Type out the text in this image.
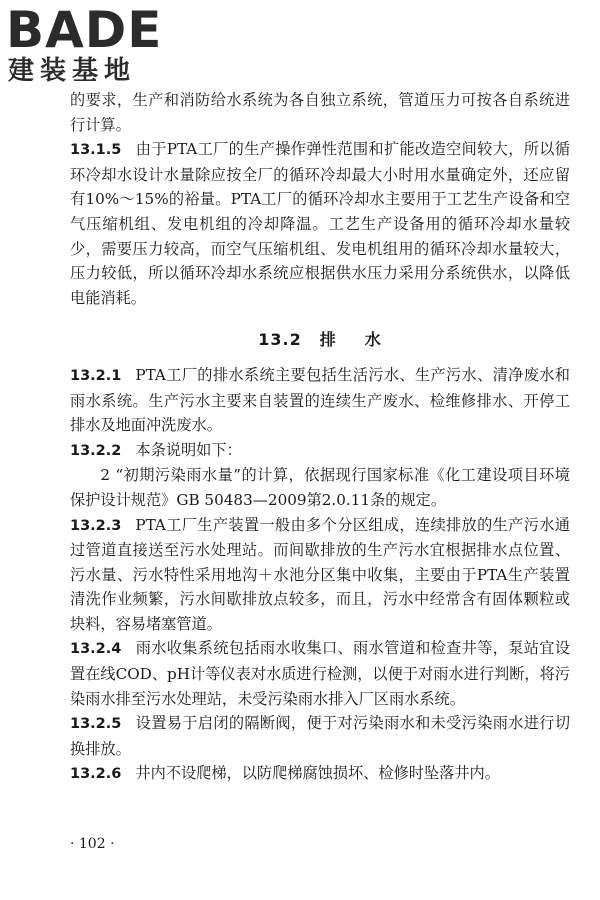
BADE
建装基地

的要求，生产和消防给水系统为各自独立系统，管道压力可按各自系统进行计算。

13.1.5 由于PTA工厂的生产操作弹性范围和扩能改造空间较大，所以循环冷却水设计水量除应按全厂的循环冷却最大小时用水量确定外，还应留有10%～15%的裕量。PTA工厂的循环冷却水主要用于工艺生产设备和空气压缩机组、发电机组的冷却降温。工艺生产设备用的循环冷却水量较少，需要压力较高，而空气压缩机组、发电机组用的循环冷却水量较大，压力较低，所以循环冷却水系统应根据供水压力采用分系统供水，以降低电能消耗。

13.2 排 水

13.2.1 PTA工厂的排水系统主要包括生活污水、生产污水、清净废水和雨水系统。生产污水主要来自装置的连续生产废水、检维修排水、开停工排水及地面冲洗废水。

13.2.2 本条说明如下：

2 “初期污染雨水量”的计算，依据现行国家标准《化工建设项目环境保护设计规范》GB 50483—2009第2.0.11条的规定。

13.2.3 PTA工厂生产装置一般由多个分区组成，连续排放的生产污水通过管道直接送至污水处理站。而间歇排放的生产污水宜根据排水点位置、污水量、污水特性采用地沟＋水池分区集中收集，主要由于PTA生产装置清洗作业频繁，污水间歇排放点较多，而且，污水中经常含有固体颗粒或块料，容易堵塞管道。

13.2.4 雨水收集系统包括雨水收集口、雨水管道和检查井等，泵站宜设置在线COD、pH计等仪表对水质进行检测，以便于对雨水进行判断，将污染雨水排至污水处理站，未受污染雨水排入厂区雨水系统。

13.2.5 设置易于启闭的隔断阀，便于对污染雨水和未受污染雨水进行切换排放。

13.2.6 井内不设爬梯，以防爬梯腐蚀损坏、检修时坠落井内。

· 102 ·
